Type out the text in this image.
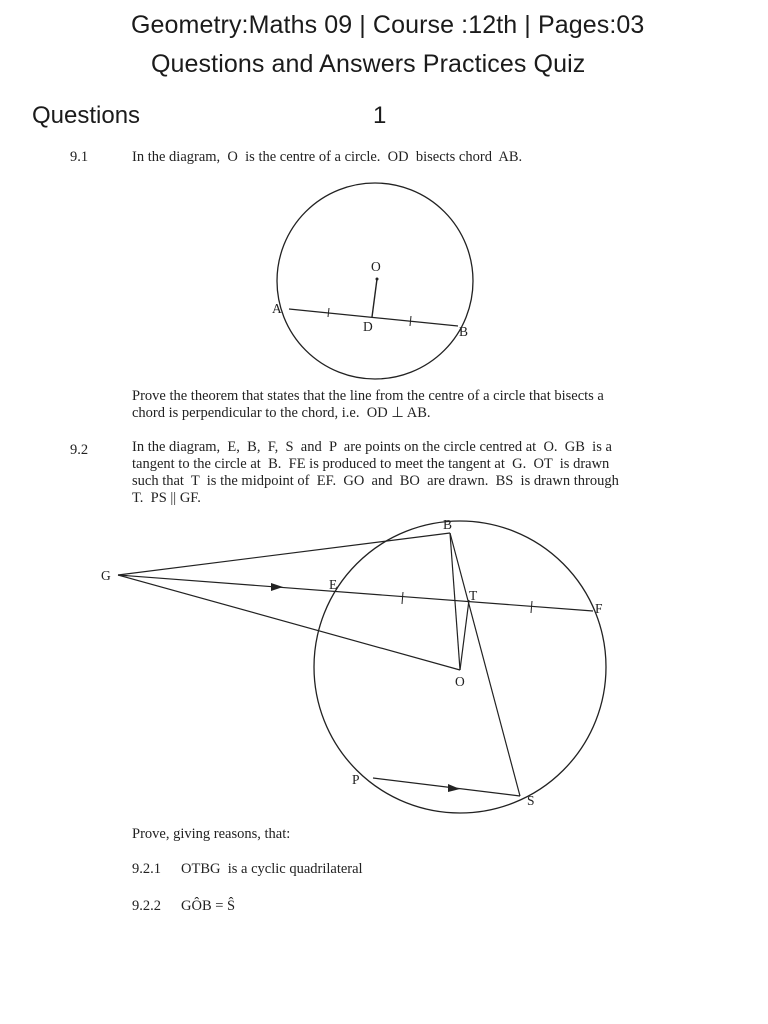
Geometry:Maths 09 | Course :12th | Pages:03
Questions and Answers Practices Quiz
Questions	1
9.1	In the diagram,  O  is the centre of a circle.  OD  bisects chord  AB.
O
A
D	B
B
G
E
T
F
O
P
S
Prove the theorem that states that the line from the centre of a circle that bisects a
chord is perpendicular to the chord, i.e.  OD ⊥ AB.
9.2	In the diagram,  E,  B,  F,  S  and  P  are points on the circle centred at  O.  GB  is a
tangent to the circle at  B.  FE is produced to meet the tangent at  G.  OT  is drawn
such that  T  is the midpoint of  EF.  GO  and  BO  are drawn.  BS  is drawn through
T.  PS || GF.
Prove, giving reasons, that:
9.2.1 OTBG  is a cyclic quadrilateral
9.2.2 GÔB = Ŝ
